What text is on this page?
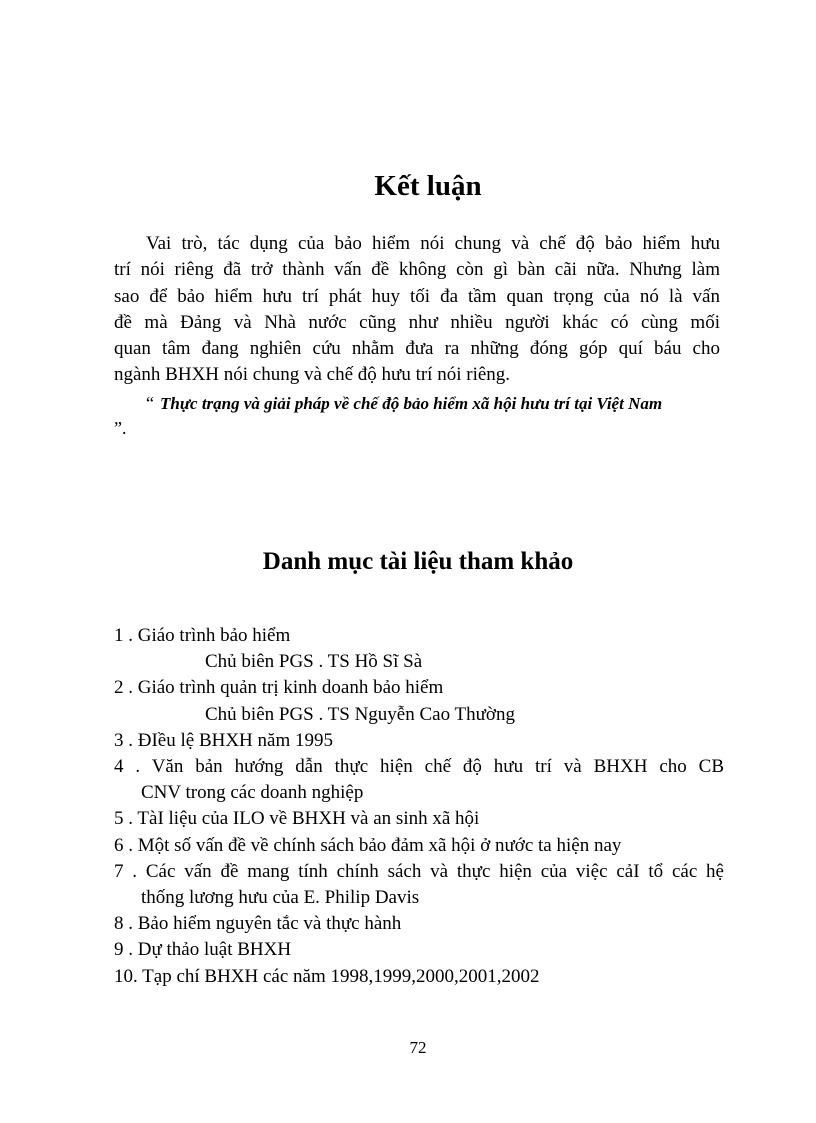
Kết luận

Vai trò, tác dụng của bảo hiểm nói chung và chế độ bảo hiểm hưu
trí nói riêng đã trở thành vấn đề không còn gì bàn cãi nữa. Nhưng làm
sao để bảo hiểm hưu trí phát huy tối đa tầm quan trọng của nó là vấn
đề mà Đảng và Nhà nước cũng như nhiều người khác có cùng mối
quan tâm đang nghiên cứu nhằm đưa ra những đóng góp quí báu cho
ngành BHXH nói chung và chế độ hưu trí nói riêng.

“ Thực trạng và giải pháp về chế độ bảo hiểm xã hội hưu trí tại Việt Nam
”.
Danh mục tài liệu tham khảo
1 . Giáo trình bảo hiểm
Chủ biên PGS . TS Hồ Sĩ Sà
2 . Giáo trình quản trị kinh doanh bảo hiểm
Chủ biên PGS . TS Nguyễn Cao Thường
3 . ĐIều lệ BHXH năm 1995
4 . Văn bản hướng dẫn thực hiện chế độ hưu trí và BHXH cho CB
CNV trong các doanh nghiệp
5 . TàI liệu của ILO về BHXH và an sinh xã hội
6 . Một số vấn đề về chính sách bảo đảm xã hội ở nước ta hiện nay
7 . Các vấn đề mang tính chính sách và thực hiện của việc cảI tổ các hệ
thống lương hưu của E. Philip Davis
8 . Bảo hiểm nguyên tắc và thực hành
9 . Dự thảo luật BHXH
10. Tạp chí BHXH các năm 1998,1999,2000,2001,2002
72
